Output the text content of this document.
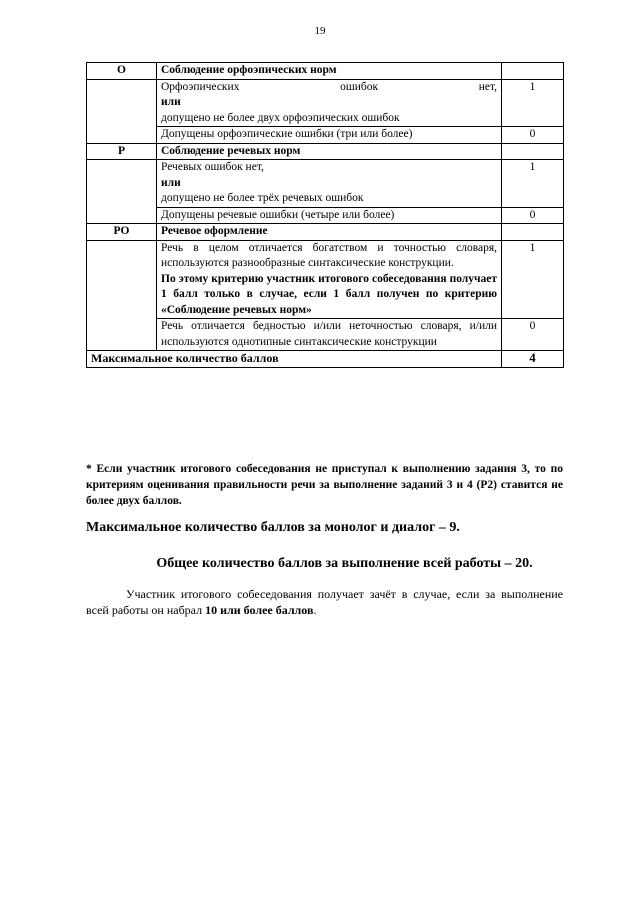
19
О	Соблюдение орфоэпических норм	

	Орфоэпических ошибок нет,
или
допущено не более двух орфоэпических ошибок	1
	Допущены орфоэпические ошибки (три или более)	0
Р	Соблюдение речевых норм	

	Речевых ошибок нет,
или
допущено не более трёх речевых ошибок	1
	Допущены речевые ошибки (четыре или более)	0
РО	Речевое оформление	

	Речь в целом отличается богатством и точностью словаря, используются разнообразные синтаксические конструкции.
По этому критерию участник итогового собеседования получает 1 балл только в случае, если 1 балл получен по критерию «Соблюдение речевых норм»	1
	Речь отличается бедностью и/или неточностью словаря, и/или используются однотипные синтаксические конструкции	0
Максимальное количество баллов		4
* Если участник итогового собеседования не приступал к выполнению задания 3, то по критериям оценивания правильности речи за выполнение заданий 3 и 4 (Р2) ставится не более двух баллов.
Максимальное количество баллов за монолог и диалог – 9.
Общее количество баллов за выполнение всей работы – 20.
Участник итогового собеседования получает зачёт в случае, если за выполнение всей работы он набрал 10 или более баллов.
